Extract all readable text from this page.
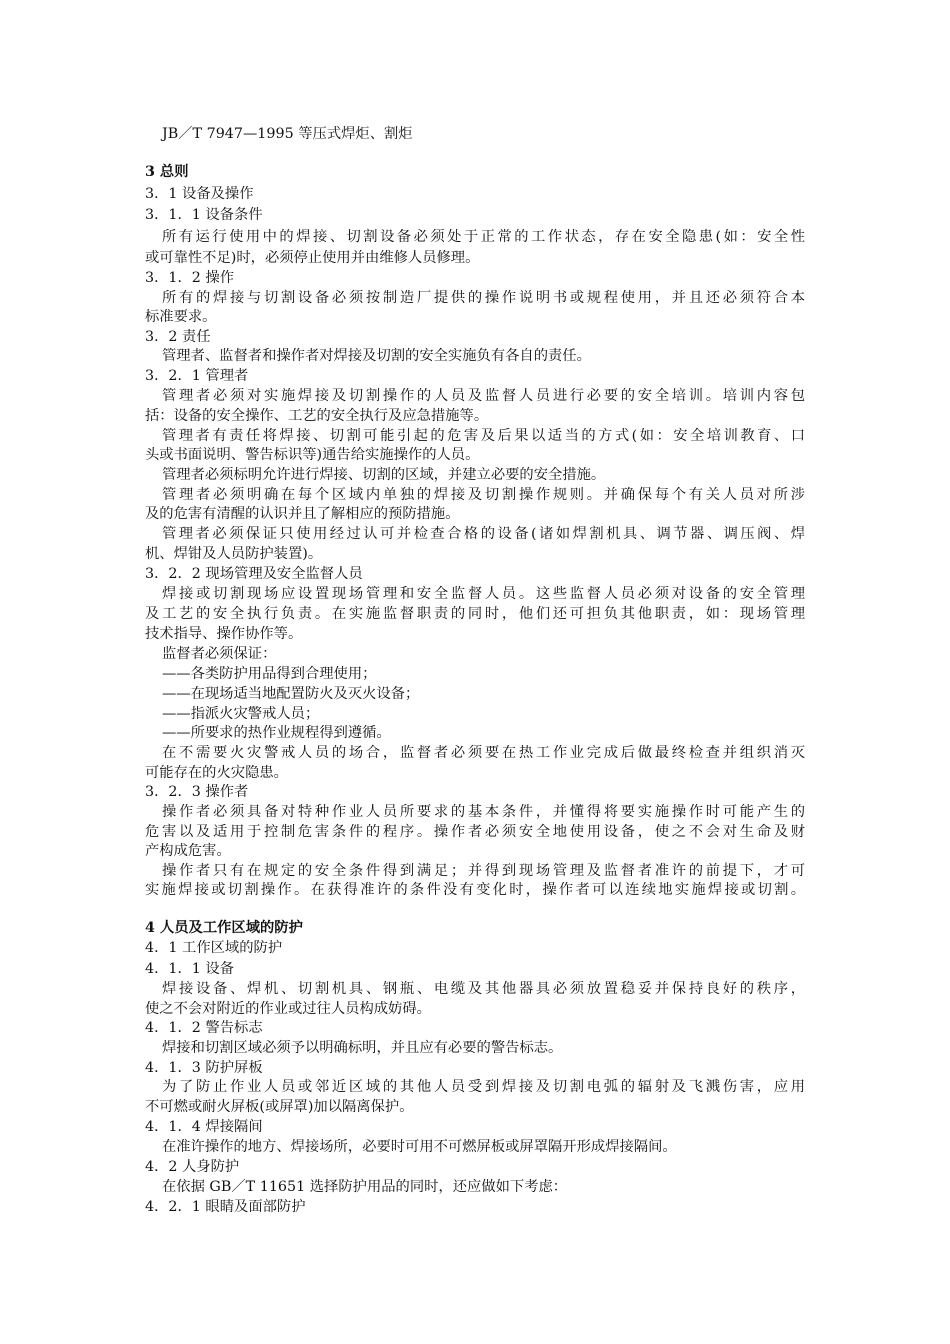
JB／T 7947—1995 等压式焊炬、割炬
3 总则
3．1 设备及操作
3．1．1 设备条件
所有运行使用中的焊接、切割设备必须处于正常的工作状态，存在安全隐患(如：安全性
或可靠性不足)时，必须停止使用并由维修人员修理。
3．1．2 操作
所有的焊接与切割设备必须按制造厂提供的操作说明书或规程使用，并且还必须符合本
标准要求。
3．2 责任
管理者、监督者和操作者对焊接及切割的安全实施负有各自的责任。
3．2．1 管理者
管理者必须对实施焊接及切割操作的人员及监督人员进行必要的安全培训。培训内容包
括：设备的安全操作、工艺的安全执行及应急措施等。
管理者有责任将焊接、切割可能引起的危害及后果以适当的方式(如：安全培训教育、口
头或书面说明、警告标识等)通告给实施操作的人员。
管理者必须标明允许进行焊接、切割的区域，并建立必要的安全措施。
管理者必须明确在每个区域内单独的焊接及切割操作规则。并确保每个有关人员对所涉
及的危害有清醒的认识并且了解相应的预防措施。
管理者必须保证只使用经过认可并检查合格的设备(诸如焊割机具、调节器、调压阀、焊
机、焊钳及人员防护装置)。
3．2．2 现场管理及安全监督人员
焊接或切割现场应设置现场管理和安全监督人员。这些监督人员必须对设备的安全管理
及工艺的安全执行负责。在实施监督职责的同时，他们还可担负其他职责，如：现场管理
技术指导、操作协作等。
监督者必须保证：
——各类防护用品得到合理使用；
——在现场适当地配置防火及灭火设备；
——指派火灾警戒人员；
——所要求的热作业规程得到遵循。
在不需要火灾警戒人员的场合，监督者必须要在热工作业完成后做最终检查并组织消灭
可能存在的火灾隐患。
3．2．3 操作者
操作者必须具备对特种作业人员所要求的基本条件，并懂得将要实施操作时可能产生的
危害以及适用于控制危害条件的程序。操作者必须安全地使用设备，使之不会对生命及财
产构成危害。
操作者只有在规定的安全条件得到满足；并得到现场管理及监督者准许的前提下，才可
实施焊接或切割操作。在获得准许的条件没有变化时，操作者可以连续地实施焊接或切割。
4 人员及工作区域的防护
4．1 工作区域的防护
4．1．1 设备
焊接设备、焊机、切割机具、钢瓶、电缆及其他器具必须放置稳妥并保持良好的秩序，
使之不会对附近的作业或过往人员构成妨碍。
4．1．2 警告标志
焊接和切割区域必须予以明确标明，并且应有必要的警告标志。
4．1．3 防护屏板
为了防止作业人员或邻近区域的其他人员受到焊接及切割电弧的辐射及飞溅伤害，应用
不可燃或耐火屏板(或屏罩)加以隔离保护。
4．1．4 焊接隔间
在准许操作的地方、焊接场所，必要时可用不可燃屏板或屏罩隔开形成焊接隔间。
4．2 人身防护
在依据 GB／T 11651 选择防护用品的同时，还应做如下考虑：
4．2．1 眼睛及面部防护
